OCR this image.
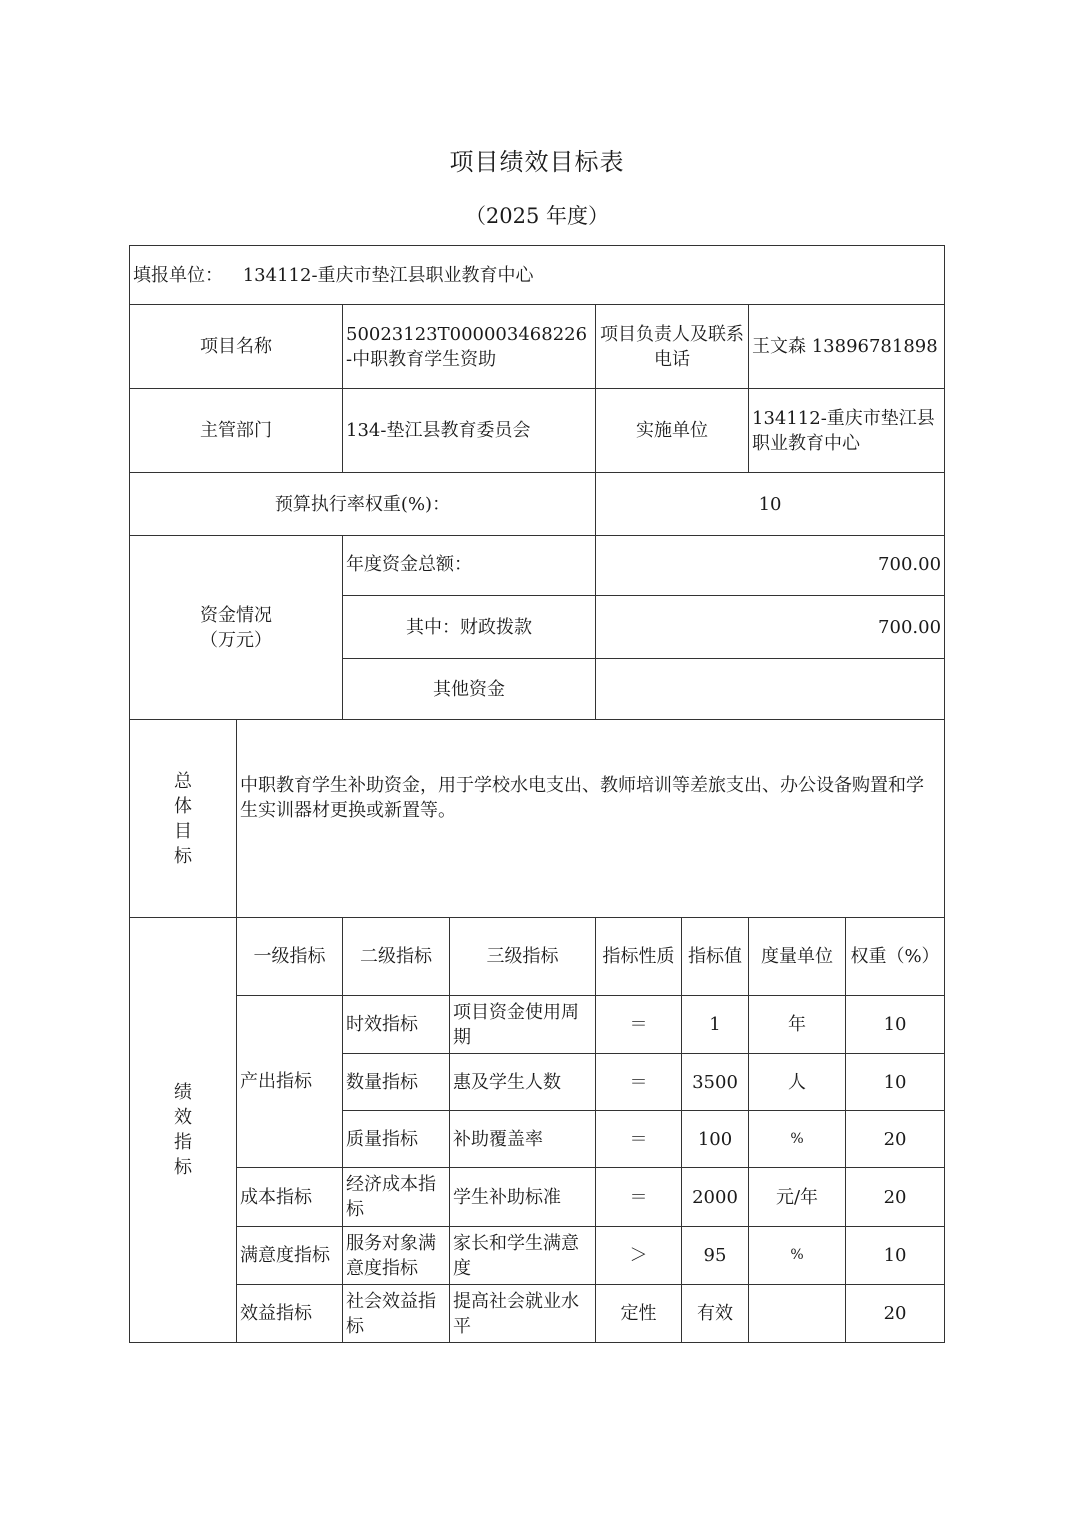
项目绩效目标表
（2025 年度）
填报单位： 134112-重庆市垫江县职业教育中心							
项目名称		50023123T000003468226-中职教育学生资助		项目负责人及联系电话		王文森 13896781898	
主管部门		134-垫江县教育委员会		实施单位		134112-重庆市垫江县职业教育中心	
预算执行率权重(%)：				10			

资金情况
（万元）		年度资金总额：		700.00			
		其中：财政拨款		700.00			
		其他资金					

总
体
目
标	中职教育学生补助资金，用于学校水电支出、教师培训等差旅支出、办公设备购置和学生实训器材更换或新置等。						

绩
效
指
标	一级指标	二级指标	三级指标	指标性质	指标值	度量单位	权重（%）
	产出指标	时效指标	项目资金使用周期	＝	1	年	10
		数量指标	惠及学生人数	＝	3500	人	10
		质量指标	补助覆盖率	＝	100	%	20
	成本指标	经济成本指标	学生补助标准	＝	2000	元/年	20
	满意度指标	服务对象满意度指标	家长和学生满意度	＞	95	%	10
	效益指标	社会效益指标	提高社会就业水平	定性	有效		20
